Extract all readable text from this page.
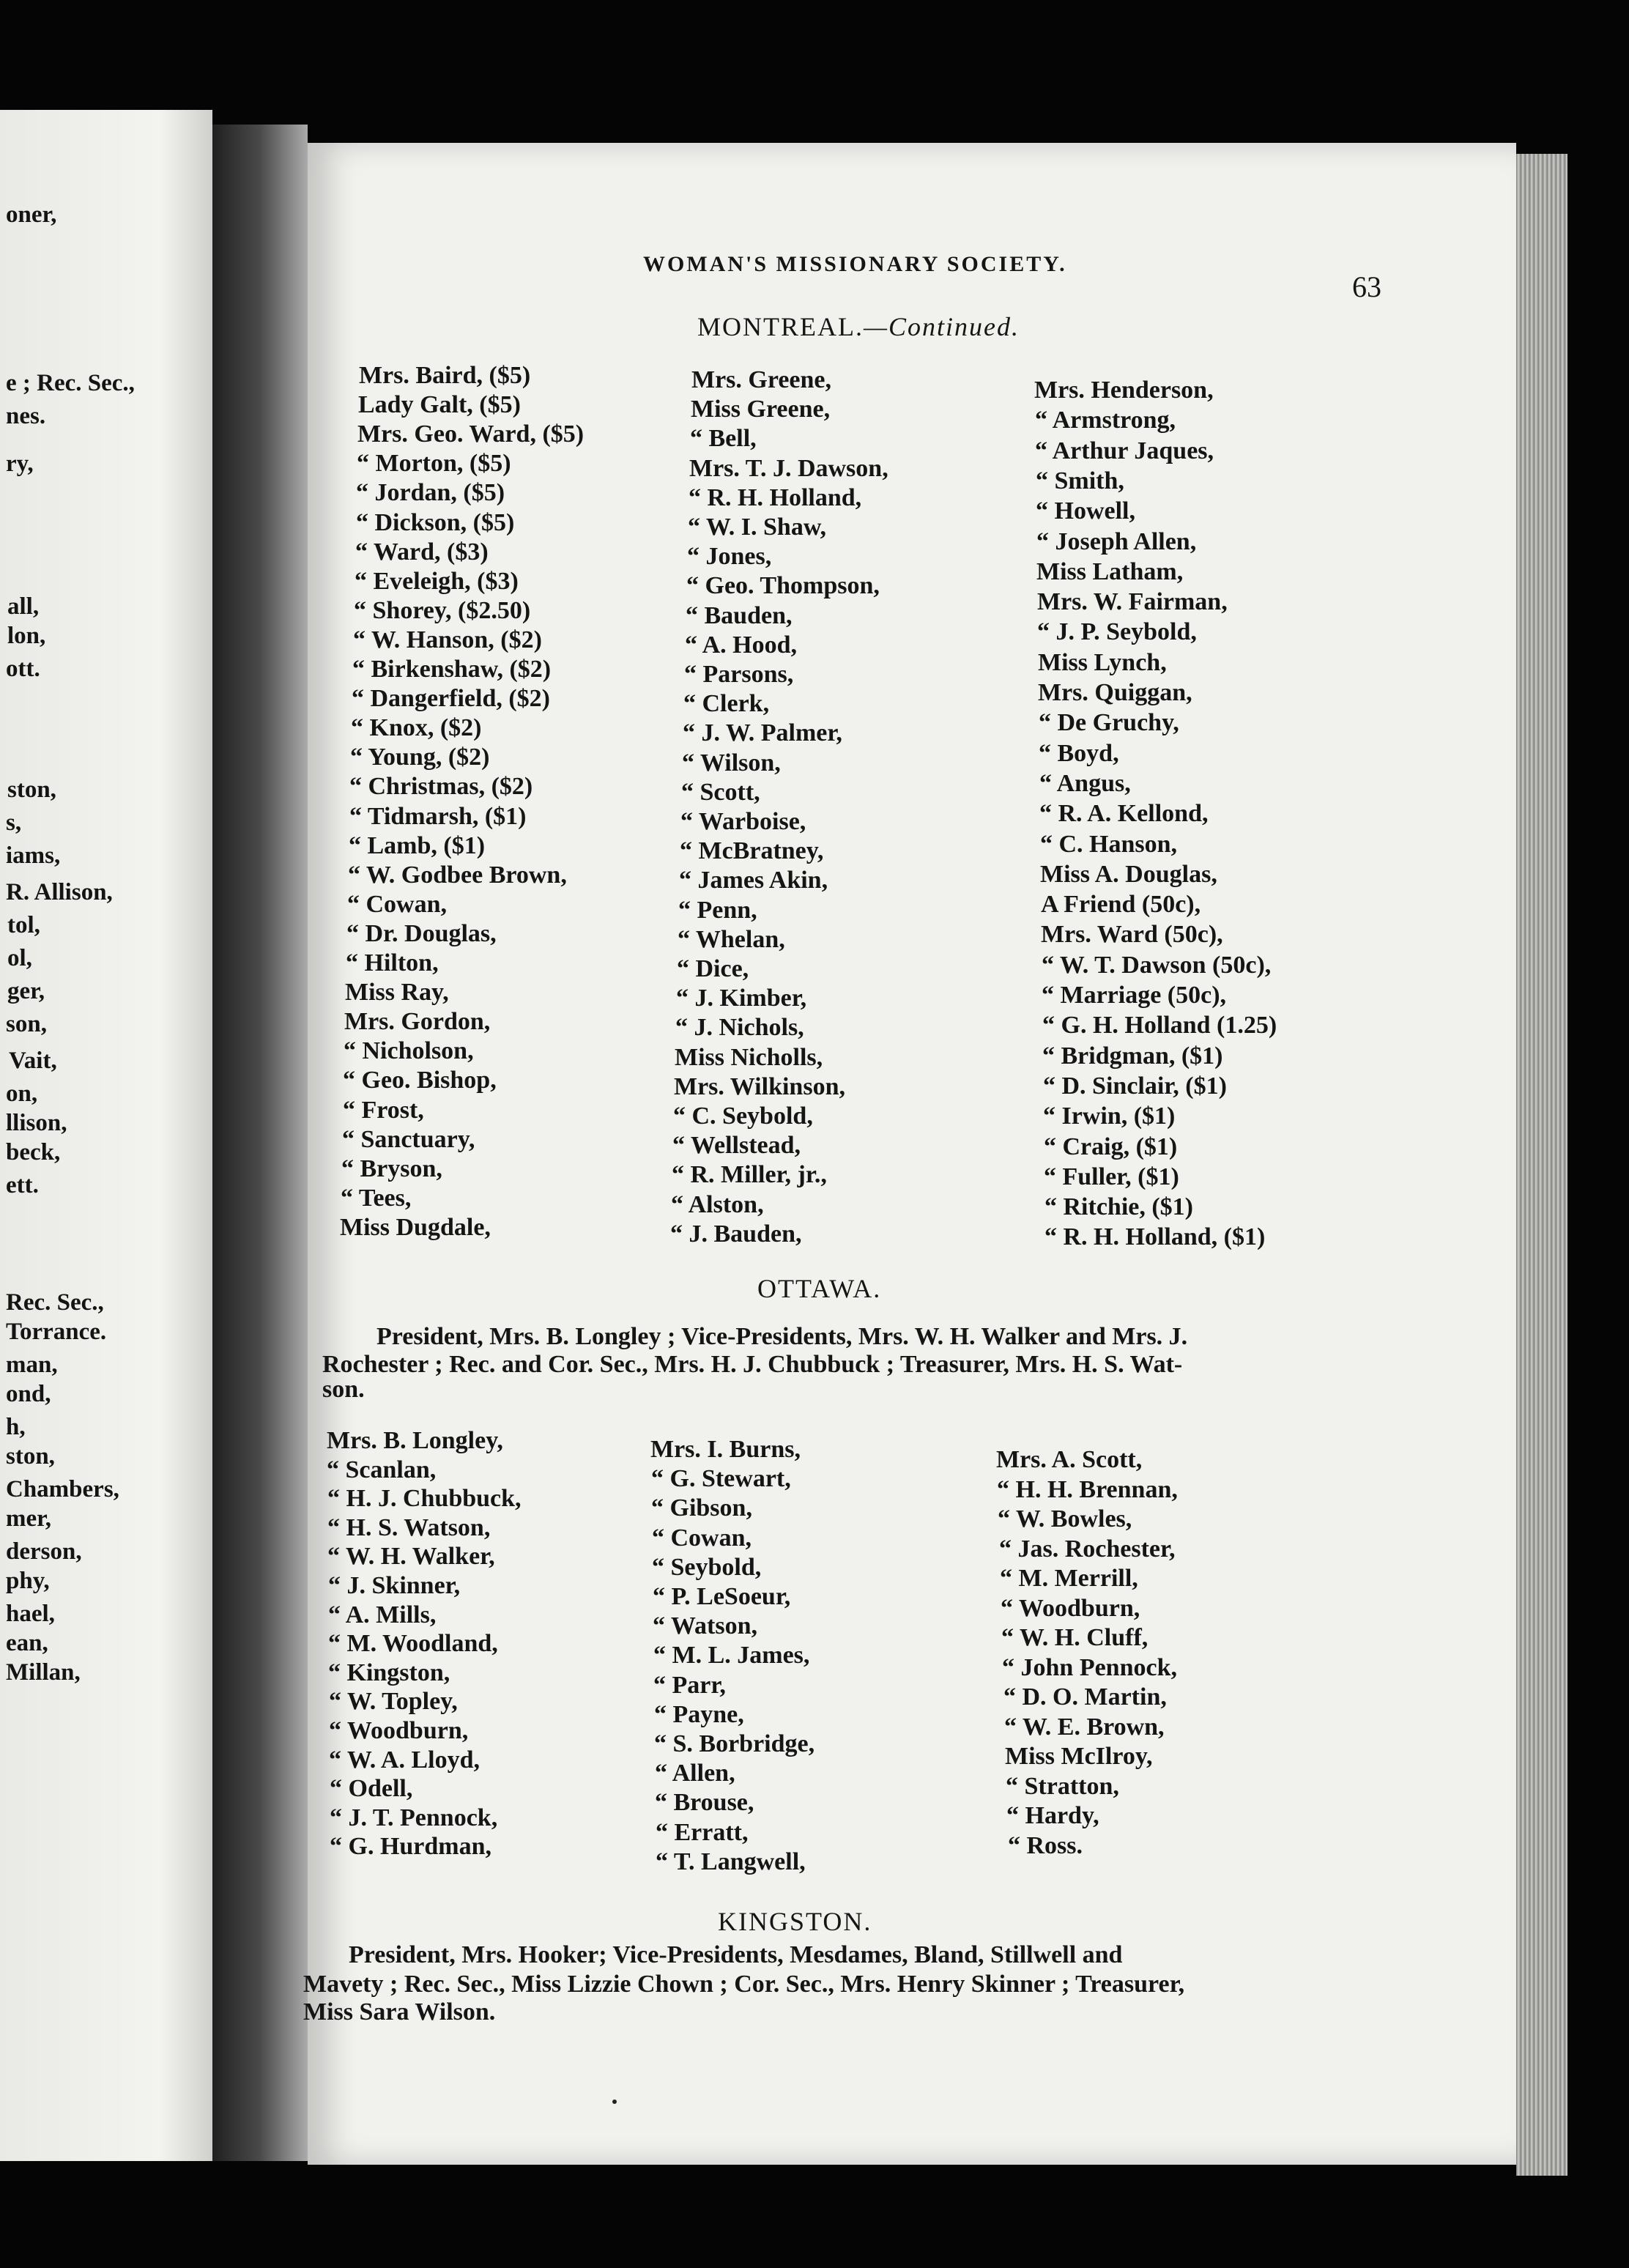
oner,
e ; Rec. Sec.,
nes.
ry,
all,
lon,
ott.
ston,
s,
iams,
R. Allison,
tol,
ol,
ger,
son,
Vait,
on,
llison,
beck,
ett.
Rec. Sec.,
Torrance.
man,
ond,
h,
ston,
Chambers,
mer,
derson,
phy,
hael,
ean,
Millan,
WOMAN'S MISSIONARY SOCIETY.
63
MONTREAL.—Continued.
Mrs. Baird, ($5)
Lady Galt, ($5)
Mrs. Geo. Ward, ($5)
“ Morton, ($5)
“ Jordan, ($5)
“ Dickson, ($5)
“ Ward, ($3)
“ Eveleigh, ($3)
“ Shorey, ($2.50)
“ W. Hanson, ($2)
“ Birkenshaw, ($2)
“ Dangerfield, ($2)
“ Knox, ($2)
“ Young, ($2)
“ Christmas, ($2)
“ Tidmarsh, ($1)
“ Lamb, ($1)
“ W. Godbee Brown,
“ Cowan,
“ Dr. Douglas,
“ Hilton,
Miss Ray,
Mrs. Gordon,
“ Nicholson,
“ Geo. Bishop,
“ Frost,
“ Sanctuary,
“ Bryson,
“ Tees,
Miss Dugdale,
Mrs. Greene,
Miss Greene,
“ Bell,
Mrs. T. J. Dawson,
“ R. H. Holland,
“ W. I. Shaw,
“ Jones,
“ Geo. Thompson,
“ Bauden,
“ A. Hood,
“ Parsons,
“ Clerk,
“ J. W. Palmer,
“ Wilson,
“ Scott,
“ Warboise,
“ McBratney,
“ James Akin,
“ Penn,
“ Whelan,
“ Dice,
“ J. Kimber,
“ J. Nichols,
Miss Nicholls,
Mrs. Wilkinson,
“ C. Seybold,
“ Wellstead,
“ R. Miller, jr.,
“ Alston,
“ J. Bauden,
Mrs. Henderson,
“ Armstrong,
“ Arthur Jaques,
“ Smith,
“ Howell,
“ Joseph Allen,
Miss Latham,
Mrs. W. Fairman,
“ J. P. Seybold,
Miss Lynch,
Mrs. Quiggan,
“ De Gruchy,
“ Boyd,
“ Angus,
“ R. A. Kellond,
“ C. Hanson,
Miss A. Douglas,
A Friend (50c),
Mrs. Ward (50c),
“ W. T. Dawson (50c),
“ Marriage (50c),
“ G. H. Holland (1.25)
“ Bridgman, ($1)
“ D. Sinclair, ($1)
“ Irwin, ($1)
“ Craig, ($1)
“ Fuller, ($1)
“ Ritchie, ($1)
“ R. H. Holland, ($1)
OTTAWA.
President, Mrs. B. Longley ; Vice-Presidents, Mrs. W. H. Walker and Mrs. J.
Rochester ; Rec. and Cor. Sec., Mrs. H. J. Chubbuck ; Treasurer, Mrs. H. S. Wat-
son.
Mrs. B. Longley,
“ Scanlan,
“ H. J. Chubbuck,
“ H. S. Watson,
“ W. H. Walker,
“ J. Skinner,
“ A. Mills,
“ M. Woodland,
“ Kingston,
“ W. Topley,
“ Woodburn,
“ W. A. Lloyd,
“ Odell,
“ J. T. Pennock,
“ G. Hurdman,
Mrs. I. Burns,
“ G. Stewart,
“ Gibson,
“ Cowan,
“ Seybold,
“ P. LeSoeur,
“ Watson,
“ M. L. James,
“ Parr,
“ Payne,
“ S. Borbridge,
“ Allen,
“ Brouse,
“ Erratt,
“ T. Langwell,
Mrs. A. Scott,
“ H. H. Brennan,
“ W. Bowles,
“ Jas. Rochester,
“ M. Merrill,
“ Woodburn,
“ W. H. Cluff,
“ John Pennock,
“ D. O. Martin,
“ W. E. Brown,
Miss McIlroy,
“ Stratton,
“ Hardy,
“ Ross.
KINGSTON.
President, Mrs. Hooker; Vice-Presidents, Mesdames, Bland, Stillwell and
Mavety ; Rec. Sec., Miss Lizzie Chown ; Cor. Sec., Mrs. Henry Skinner ; Treasurer,
Miss Sara Wilson.
